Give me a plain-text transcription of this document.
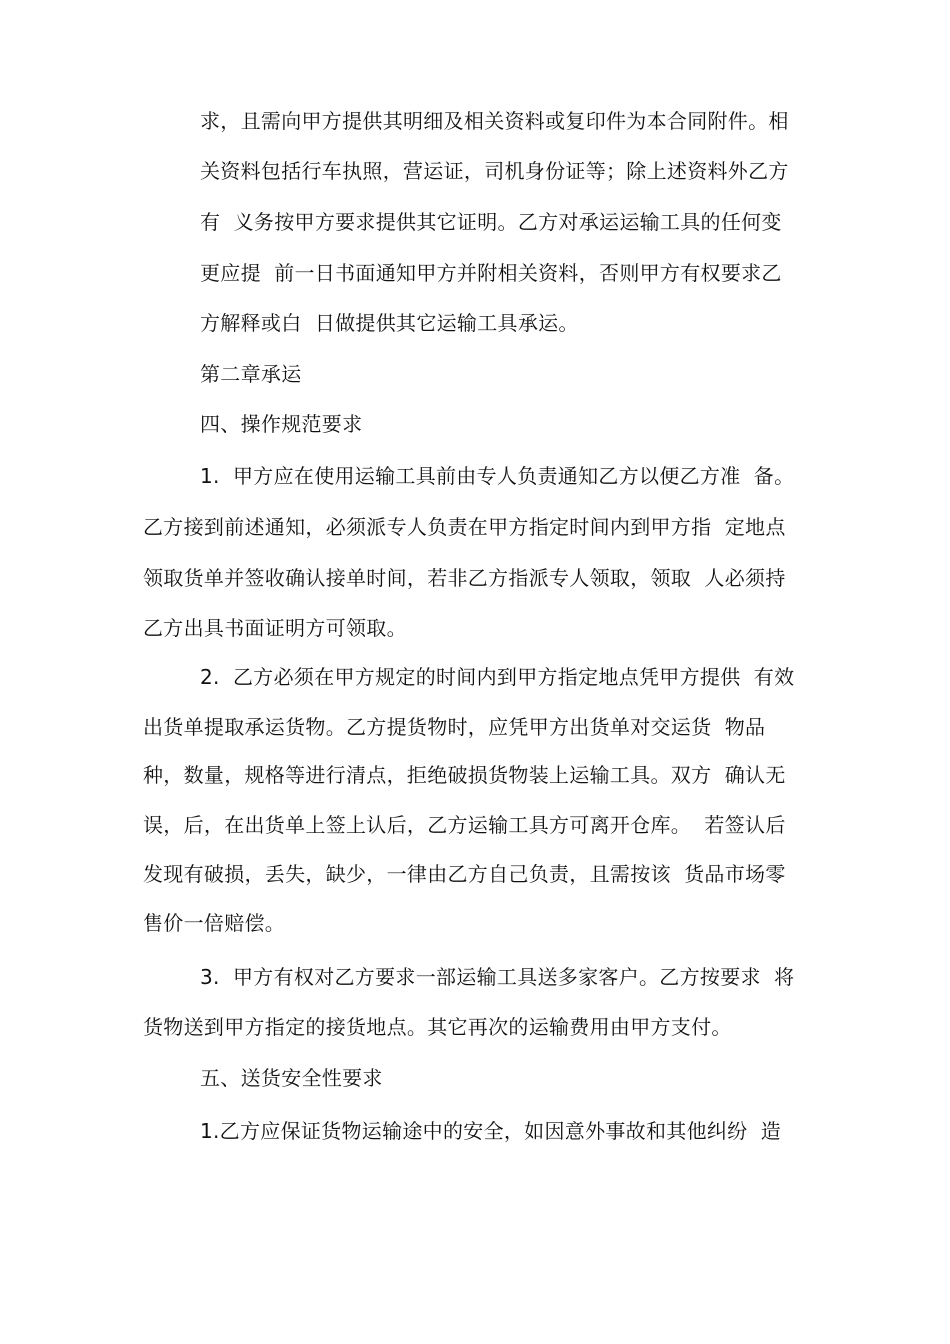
求，且需向甲方提供其明细及相关资料或复印件为本合同附件。相
关资料包括行车执照，营运证，司机身份证等；除上述资料外乙方
有  义务按甲方要求提供其它证明。乙方对承运运输工具的任何变
更应提  前一日书面通知甲方并附相关资料，否则甲方有权要求乙
方解释或白  日做提供其它运输工具承运。
第二章承运
四、操作规范要求
1.  甲方应在使用运输工具前由专人负责通知乙方以便乙方准  备。
乙方接到前述通知，必须派专人负责在甲方指定时间内到甲方指  定地点
领取货单并签收确认接单时间，若非乙方指派专人领取，领取  人必须持
乙方出具书面证明方可领取。
2.  乙方必须在甲方规定的时间内到甲方指定地点凭甲方提供  有效
出货单提取承运货物。乙方提货物时，应凭甲方出货单对交运货  物品
种，数量，规格等进行清点，拒绝破损货物装上运输工具。双方  确认无
误，后，在出货单上签上认后，乙方运输工具方可离开仓库。  若签认后
发现有破损，丢失，缺少，一律由乙方自己负责，且需按该  货品市场零
售价一倍赔偿。
3.  甲方有权对乙方要求一部运输工具送多家客户。乙方按要求  将
货物送到甲方指定的接货地点。其它再次的运输费用由甲方支付。
五、送货安全性要求
1.乙方应保证货物运输途中的安全，如因意外事故和其他纠纷  造
